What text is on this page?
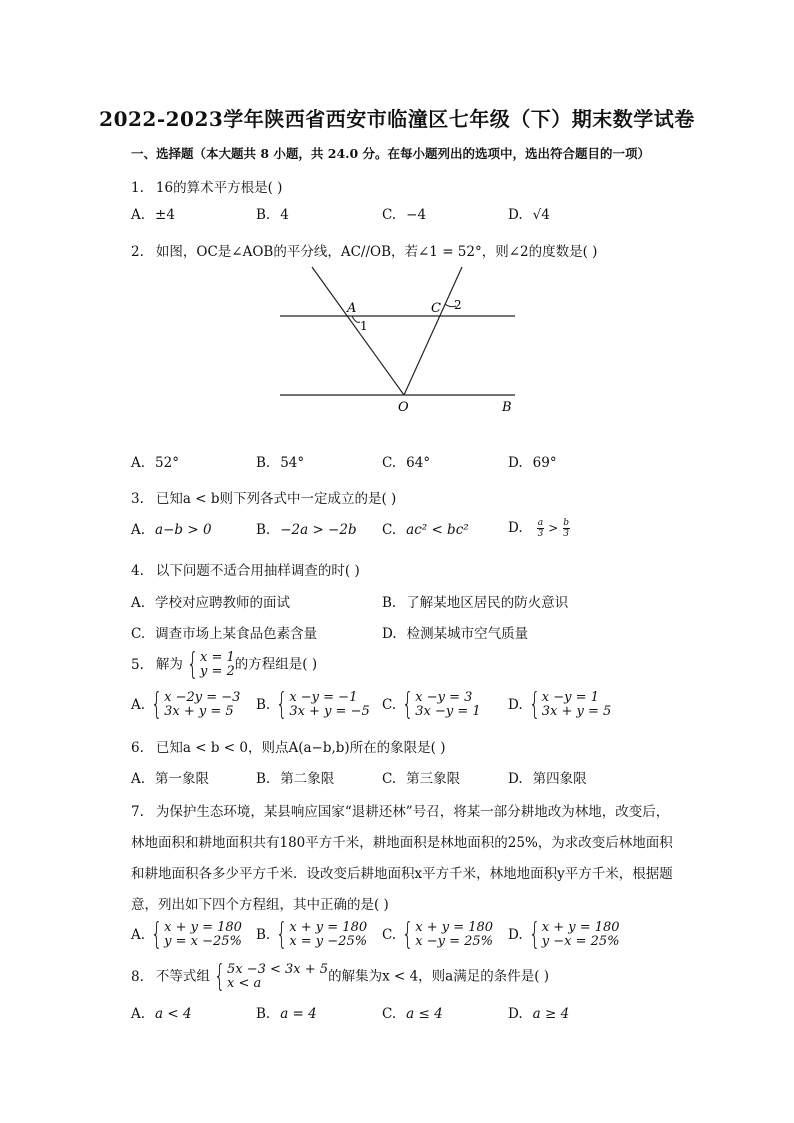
2022-2023学年陕西省西安市临潼区七年级（下）期末数学试卷
一、选择题（本大题共 8 小题，共 24.0 分。在每小题列出的选项中，选出符合题目的一项）
1. 16的算术平方根是( )
A. ±4	B. 4	C. −4	D. √4
2. 如图，OC是∠AOB的平分线，AC//OB，若∠1 = 52°，则∠2的度数是( )
A
1
C 2
O	B
A. 52°	B. 54°	C. 64°	D. 69°
3. 已知a < b则下列各式中一定成立的是( )
A. a−b > 0	B. −2a > −2b C. ac² < bc²	D. $\frac{a}{3} > \frac{b}{3}$
4. 以下问题不适合用抽样调查的时( )
A. 学校对应聘教师的面试	B. 了解某地区居民的防火意识
C. 调查市场上某食品色素含量	D. 检测某城市空气质量
5. 解为 { x = 1
y = 2 的方程组是( )
A. { x −2y = −3
3x + y = 5	B. { x −y = −1
3x + y = −5 C. { x −y = 3
3x −y = 1 D. { x −y = 1
3x + y = 5
6. 已知a < b < 0，则点A(a−b,b)所在的象限是( )
A. 第一象限	B. 第二象限	C. 第三象限	D. 第四象限
7. 为保护生态环境，某县响应国家“退耕还林”号召，将某一部分耕地改为林地，改变后，
林地面积和耕地面积共有180平方千米，耕地面积是林地面积的25%，为求改变后林地面积
和耕地面积各多少平方千米．设改变后耕地面积x平方千米，林地地面积y平方千米，根据题
意，列出如下四个方程组，其中正确的是( )
A. { x + y = 180
y = x −25% B. { x + y = 180
x = y −25% C. { x + y = 180
x −y = 25% D. { x + y = 180
y −x = 25%
8. 不等式组 { 5x −3 < 3x + 5
x < a	的解集为x < 4，则a满足的条件是( )
A. a < 4	B. a = 4	C. a ≤ 4	D. a ≥ 4
